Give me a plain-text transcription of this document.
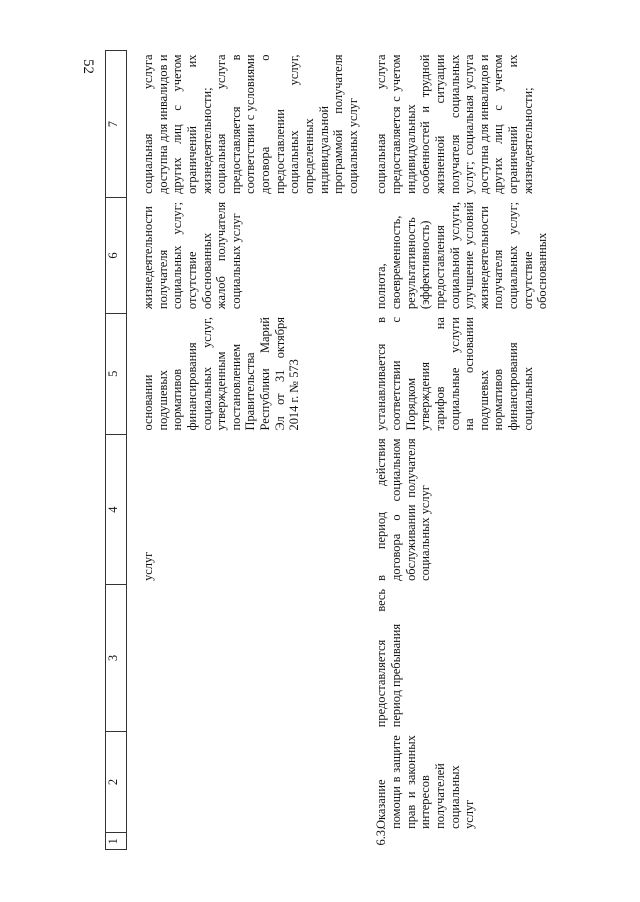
52
1	2	3	4	5	6	7

			услуг	основании подушевых нормативов финансирования социальных услуг, утвержденным постановлением Правительства Республики Марий Эл от 31 октября 2014 г. № 573	жизнедеятельности получателя социальных услуг; отсутствие обоснованных жалоб получателя социальных услуг	социальная услуга доступна для инвалидов и других лиц с учетом ограничений их жизнедеятельности; социальная услуга предоставляется в соответствии с условиями договора о предоставлении социальных услуг, определенных индивидуальной программой получателя социальных услуг

6.3.	Оказание помощи в защите прав и законных интересов получателей социальных услуг	предоставляется весь период пребывания	в период действия договора о социальном обслуживании получателя социальных услуг	устанавливается в соответствии с Порядком утверждения тарифов на социальные услуги на основании подушевых нормативов финансирования социальных	полнота, своевременность, результативность (эффективность) предоставления социальной услуги, улучшение условий жизнедеятельности получателя социальных услуг; отсутствие обоснованных	социальная услуга предоставляется с учетом индивидуальных особенностей и трудной жизненной ситуации получателя социальных услуг; социальная услуга доступна для инвалидов и других лиц с учетом ограничений их жизнедеятельности;
